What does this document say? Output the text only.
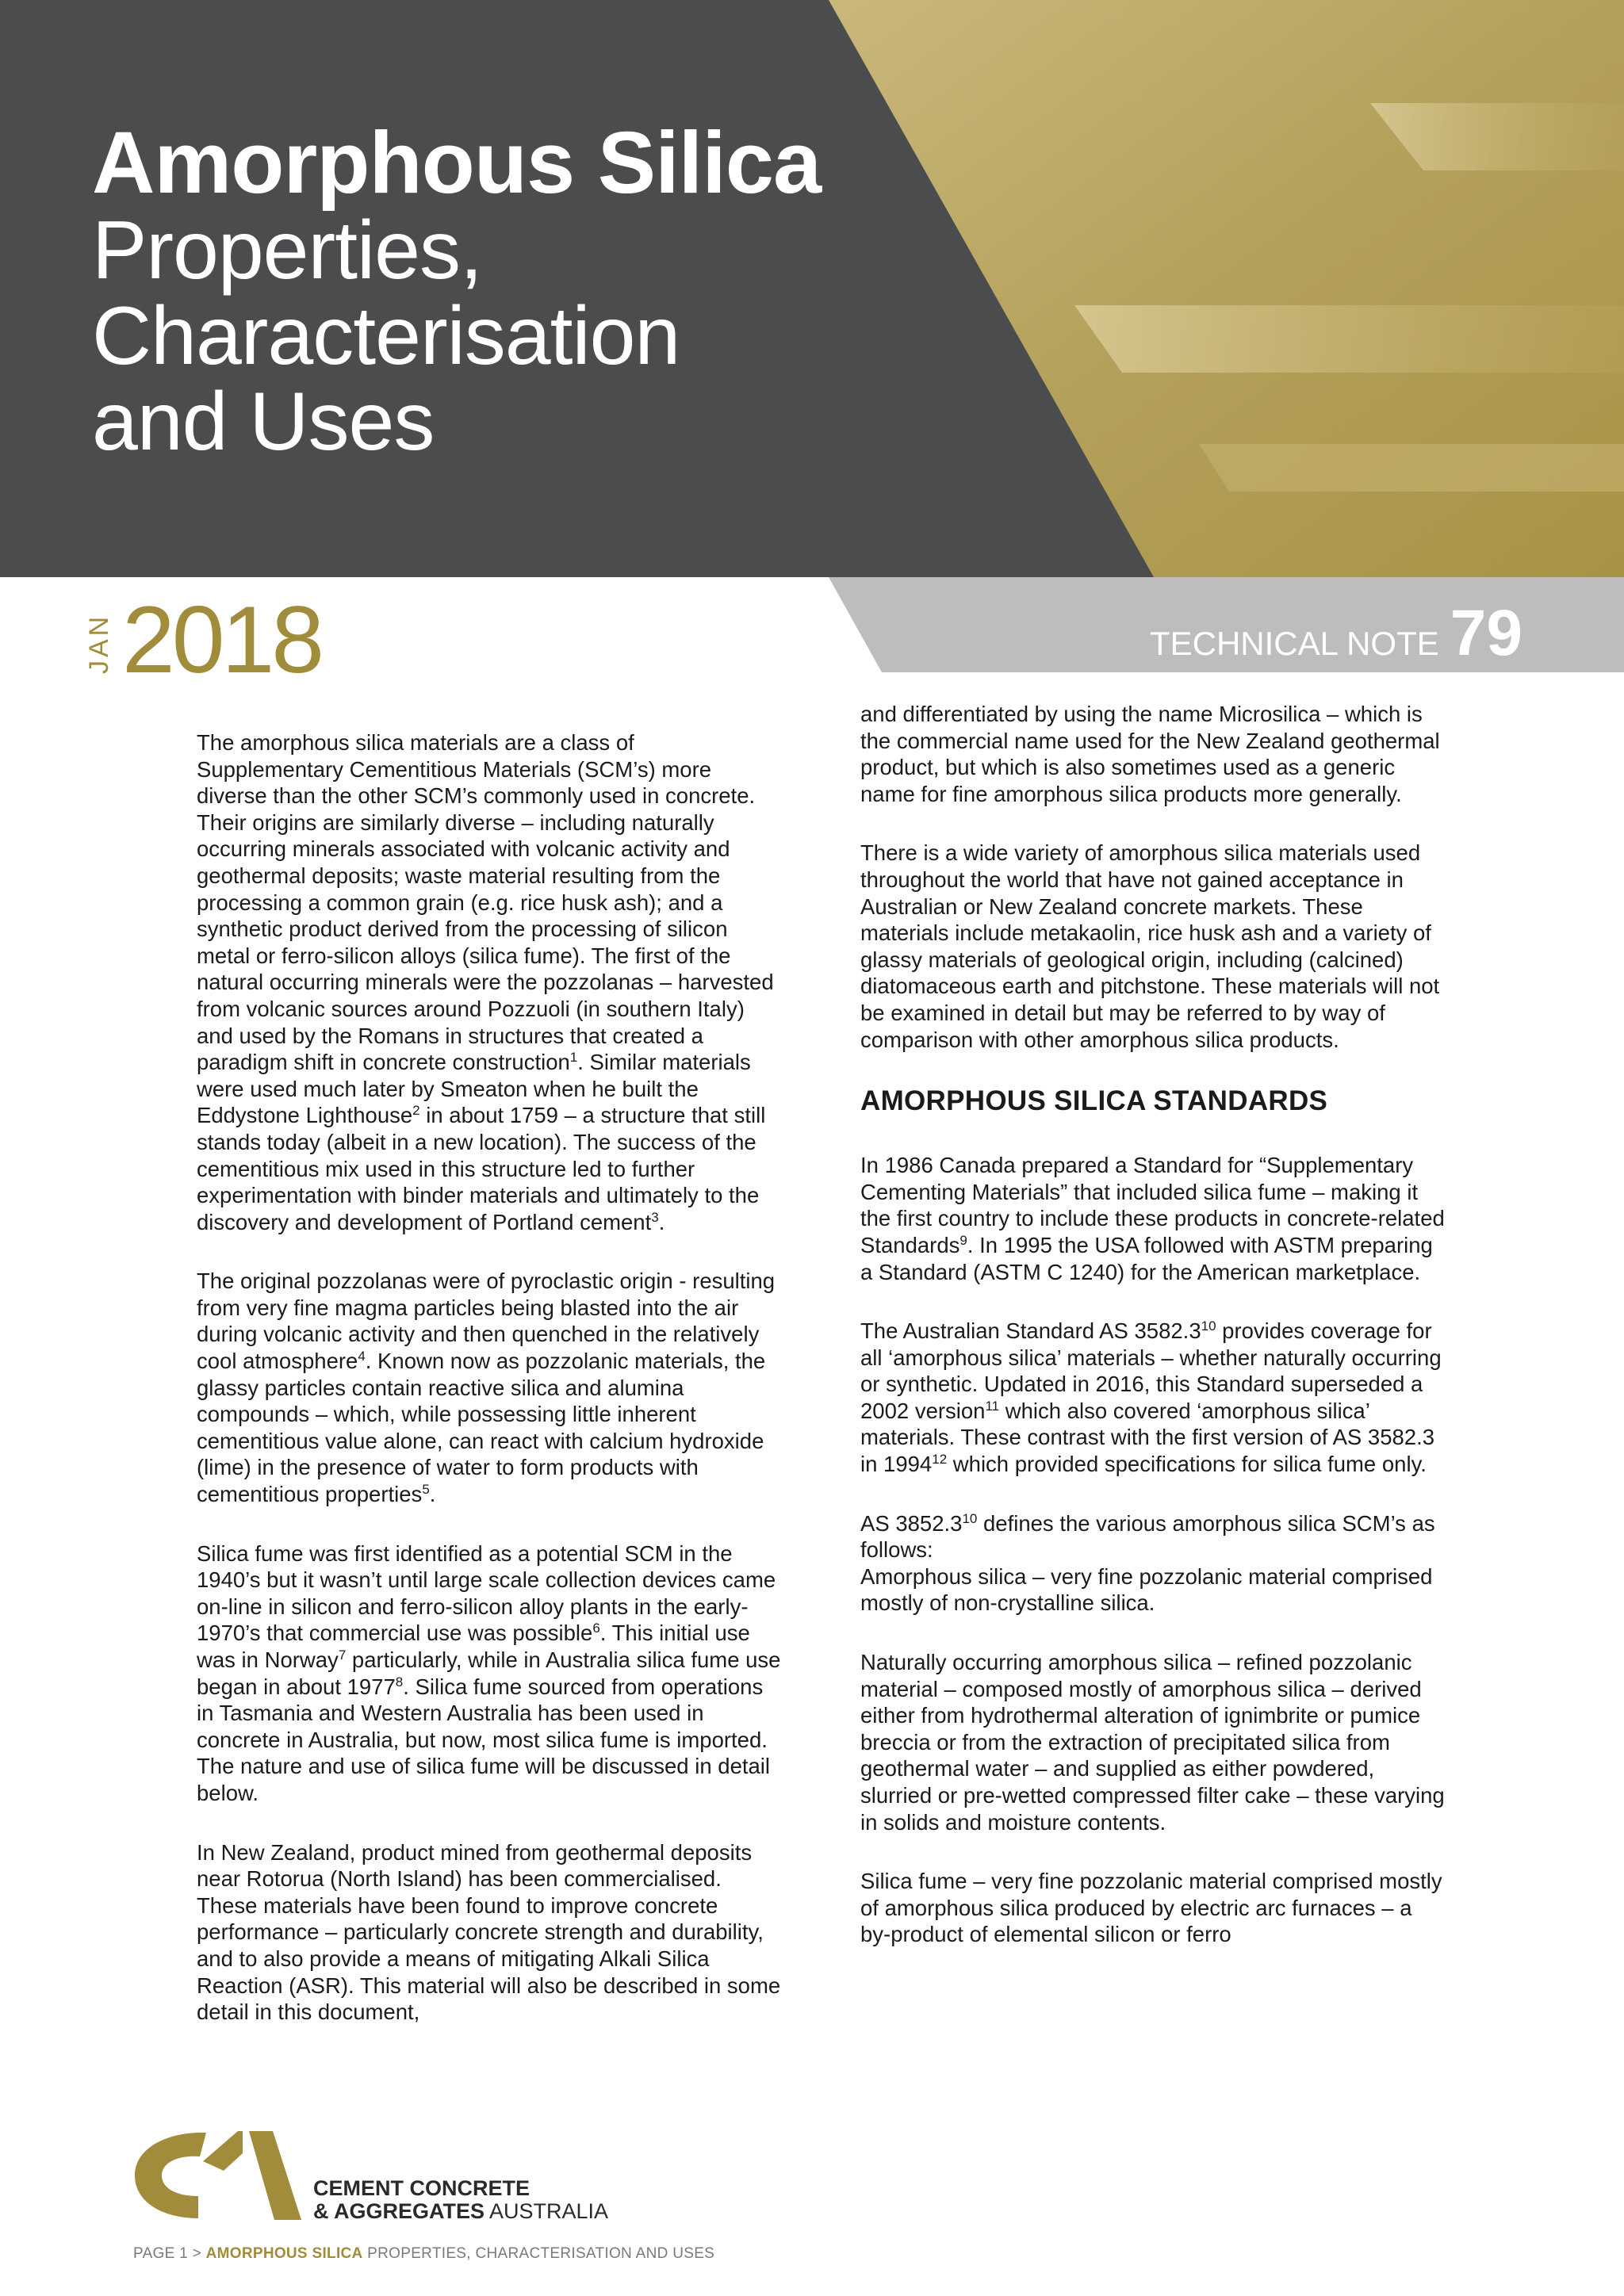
Amorphous Silica
Properties,
Characterisation
and Uses
TECHNICAL NOTE 79
JAN 2018

The amorphous silica materials are a class of Supplementary Cementitious Materials (SCM’s) more diverse than the other SCM’s commonly used in concrete. Their origins are similarly diverse – including naturally occurring minerals associated with volcanic activity and geothermal deposits; waste material resulting from the processing a common grain (e.g. rice husk ash); and a synthetic product derived from the processing of silicon metal or ferro-silicon alloys (silica fume). The first of the natural occurring minerals were the pozzolanas – harvested from volcanic sources around Pozzuoli (in southern Italy) and used by the Romans in structures that created a paradigm shift in concrete construction$^1$. Similar materials were used much later by Smeaton when he built the Eddystone Lighthouse$^2$ in about 1759 – a structure that still stands today (albeit in a new location). The success of the cementitious mix used in this structure led to further experimentation with binder materials and ultimately to the discovery and development of Portland cement$^3$.

The original pozzolanas were of pyroclastic origin - resulting from very fine magma particles being blasted into the air during volcanic activity and then quenched in the relatively cool atmosphere$^4$. Known now as pozzolanic materials, the glassy particles contain reactive silica and alumina compounds – which, while possessing little inherent cementitious value alone, can react with calcium hydroxide (lime) in the presence of water to form products with cementitious properties$^5$.

Silica fume was first identified as a potential SCM in the 1940’s but it wasn’t until large scale collection devices came on-line in silicon and ferro-silicon alloy plants in the early-1970’s that commercial use was possible$^6$. This initial use was in Norway$^7$ particularly, while in Australia silica fume use began in about 1977$^8$. Silica fume sourced from operations in Tasmania and Western Australia has been used in concrete in Australia, but now, most silica fume is imported. The nature and use of silica fume will be discussed in detail below.

In New Zealand, product mined from geothermal deposits near Rotorua (North Island) has been commercialised. These materials have been found to improve concrete performance – particularly concrete strength and durability, and to also provide a means of mitigating Alkali Silica Reaction (ASR). This material will also be described in some detail in this document,

and differentiated by using the name Microsilica – which is the commercial name used for the New Zealand geothermal product, but which is also sometimes used as a generic name for fine amorphous silica products more generally.

There is a wide variety of amorphous silica materials used throughout the world that have not gained acceptance in Australian or New Zealand concrete markets. These materials include metakaolin, rice husk ash and a variety of glassy materials of geological origin, including (calcined) diatomaceous earth and pitchstone. These materials will not be examined in detail but may be referred to by way of comparison with other amorphous silica products.

AMORPHOUS SILICA STANDARDS

In 1986 Canada prepared a Standard for “Supplementary Cementing Materials” that included silica fume – making it the first country to include these products in concrete-related Standards$^9$. In 1995 the USA followed with ASTM preparing a Standard (ASTM C 1240) for the American marketplace.

The Australian Standard AS 3582.3$^{10}$ provides coverage for all ‘amorphous silica’ materials – whether naturally occurring or synthetic. Updated in 2016, this Standard superseded a 2002 version$^{11}$ which also covered ‘amorphous silica’ materials. These contrast with the first version of AS 3582.3 in 1994$^{12}$ which provided specifications for silica fume only.

AS 3852.3$^{10}$ defines the various amorphous silica SCM’s as follows:
Amorphous silica – very fine pozzolanic material comprised mostly of non-crystalline silica.

Naturally occurring amorphous silica – refined pozzolanic material – composed mostly of amorphous silica – derived either from hydrothermal alteration of ignimbrite or pumice breccia or from the extraction of precipitated silica from geothermal water – and supplied as either powdered, slurried or pre-wetted compressed filter cake – these varying in solids and moisture contents.

Silica fume – very fine pozzolanic material comprised mostly of amorphous silica produced by electric arc furnaces – a by-product of elemental silicon or ferro

CEMENT CONCRETE
& AGGREGATES AUSTRALIA
PAGE 1 > AMORPHOUS SILICA PROPERTIES, CHARACTERISATION AND USES
